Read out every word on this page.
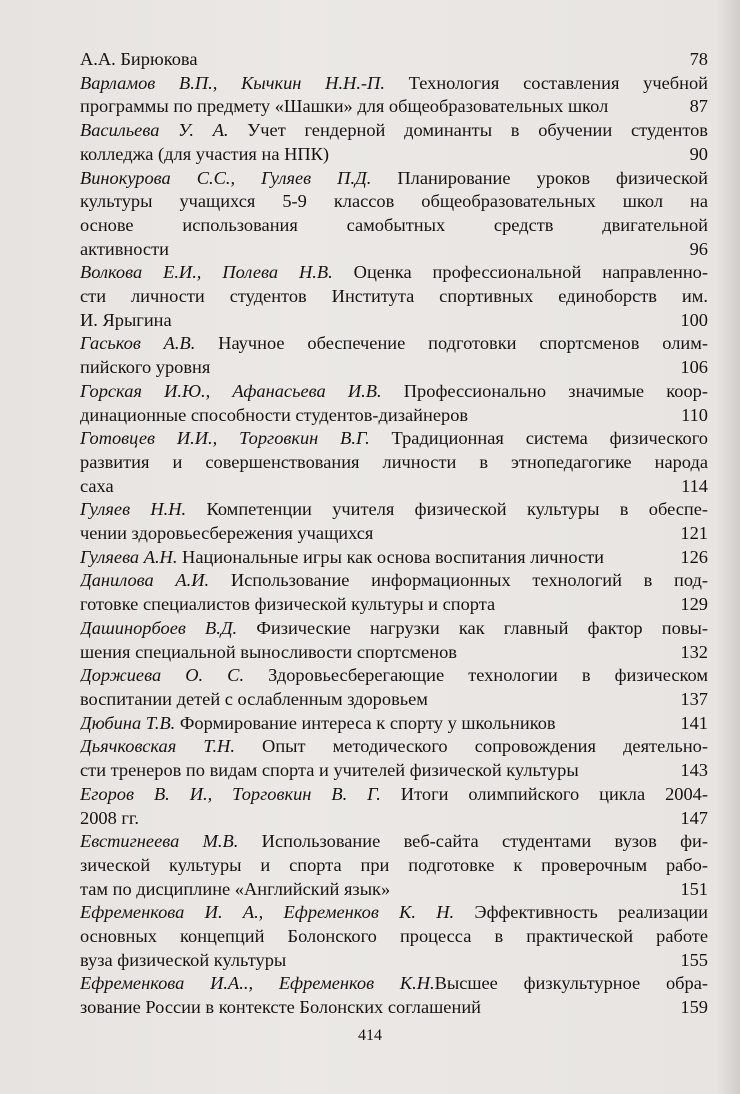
А.А. Бирюкова	78
Варламов В.П., Кычкин Н.Н.-П. Технология составления учебной
программы по предмету «Шашки» для общеобразовательных школ	87
Васильева У. А. Учет гендерной доминанты в обучении студентов
колледжа (для участия на НПК)	90
Винокурова С.С., Гуляев П.Д. Планирование уроков физической
культуры учащихся 5-9 классов общеобразовательных школ на
основе использования самобытных средств двигательной
активности	96
Волкова Е.И., Полева Н.В. Оценка профессиональной направленно-
сти личности студентов Института спортивных единоборств им.
И. Ярыгина	100
Гаськов А.В. Научное обеспечение подготовки спортсменов олим-
пийского уровня	106
Горская И.Ю., Афанасьева И.В. Профессионально значимые коор-
динационные способности студентов-дизайнеров	110
Готовцев И.И., Торговкин В.Г. Традиционная система физического
развития и совершенствования личности в этнопедагогике народа
саха	114
Гуляев Н.Н. Компетенции учителя физической культуры в обеспе-
чении здоровьесбережения учащихся	121
Гуляева А.Н. Национальные игры как основа воспитания личности	126
Данилова А.И. Использование информационных технологий в под-
готовке специалистов физической культуры и спорта	129
Дашинорбоев В.Д. Физические нагрузки как главный фактор повы-
шения специальной выносливости спортсменов	132
Доржиева О. С. Здоровьесберегающие технологии в физическом
воспитании детей с ослабленным здоровьем	137
Дюбина Т.В. Формирование интереса к спорту у школьников	141
Дьячковская Т.Н. Опыт методического сопровождения деятельно-
сти тренеров по видам спорта и учителей физической культуры	143
Егоров В. И., Торговкин В. Г. Итоги олимпийского цикла 2004-
2008 гг.	147
Евстигнеева М.В. Использование веб-сайта студентами вузов фи-
зической культуры и спорта при подготовке к проверочным рабо-
там по дисциплине «Английский язык»	151
Ефременкова И. А., Ефременков К. Н. Эффективность реализации
основных концепций Болонского процесса в практической работе
вуза физической культуры	155
Ефременкова И.А.., Ефременков К.Н.Высшее физкультурное обра-
зование России в контексте Болонских соглашений	159
414
